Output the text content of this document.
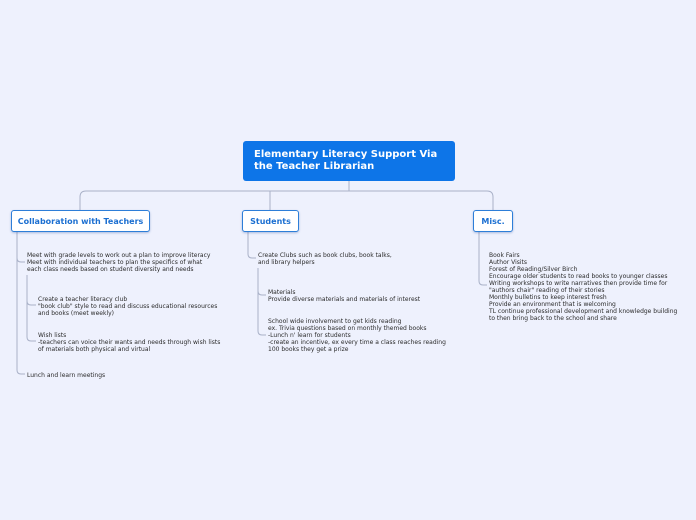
Elementary Literacy Support Via the Teacher Librarian
Collaboration with Teachers	Students	Misc.
Meet with grade levels to work out a plan to improve literacy
Meet with individual teachers to plan the specifics of what
each class needs based on student diversity and needs
Create a teacher literacy club
"book club" style to read and discuss educational resources
and books (meet weekly)
Wish lists
-teachers can voice their wants and needs through wish lists
of materials both physical and virtual
Lunch and learn meetings
Create Clubs such as book clubs, book talks,
and library helpers
Materials
Provide diverse materials and materials of interest
School wide involvement to get kids reading
ex. Trivia questions based on monthly themed books
-Lunch n' learn for students
-create an incentive, ex every time a class reaches reading
100 books they get a prize
Book Fairs
Author Visits
Forest of Reading/Silver Birch
Encourage older students to read books to younger classes
Writing workshops to write narratives then provide time for
"authors chair" reading of their stories
Monthly bulletins to keep interest fresh
Provide an environment that is welcoming
TL continue professional development and knowledge building
to then bring back to the school and share
